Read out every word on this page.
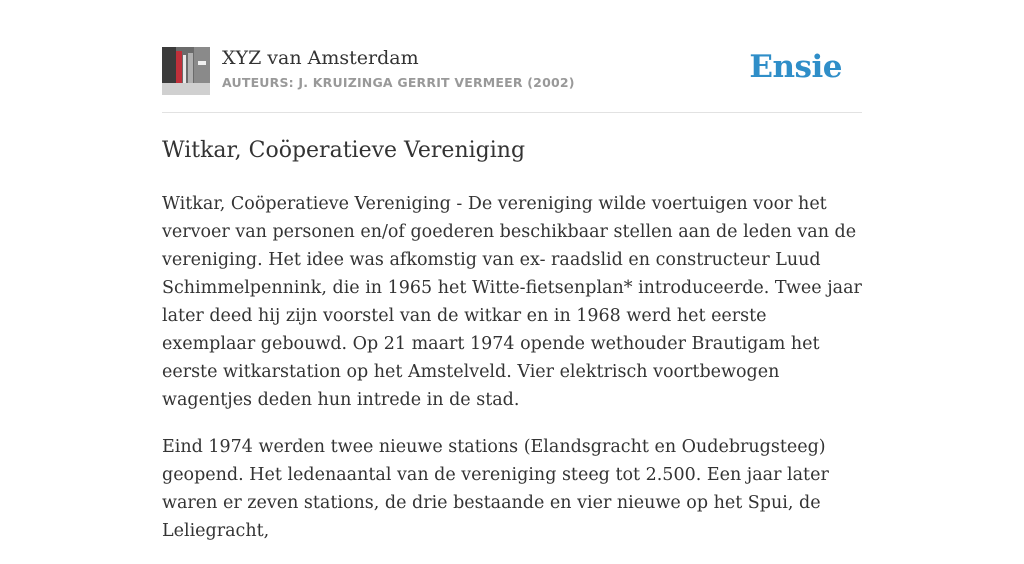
XYZ van Amsterdam
AUTEURS: J. KRUIZINGA GERRIT VERMEER (2002)	Ensie
Witkar, Coöperatieve Vereniging

Witkar, Coöperatieve Vereniging - De vereniging wilde voertuigen voor het vervoer van personen en/of goederen beschikbaar stellen aan de leden van de vereniging. Het idee was afkomstig van ex- raadslid en constructeur Luud Schimmelpennink, die in 1965 het Witte-fietsenplan* introduceerde. Twee jaar later deed hij zijn voorstel van de witkar en in 1968 werd het eerste exemplaar gebouwd. Op 21 maart 1974 opende wethouder Brautigam het eerste witkarstation op het Amstelveld. Vier elektrisch voortbewogen wagentjes deden hun intrede in de stad.

Eind 1974 werden twee nieuwe stations (Elandsgracht en Oudebrugsteeg) geopend. Het ledenaantal van de vereniging steeg tot 2.500. Een jaar later waren er zeven stations, de drie bestaande en vier nieuwe op het Spui, de Leliegracht,
